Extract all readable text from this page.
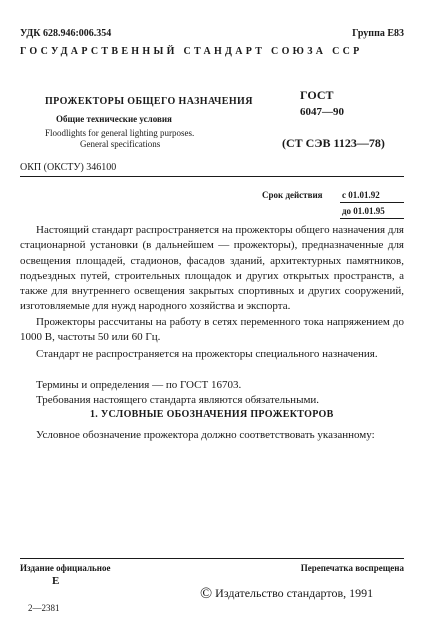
УДК 628.946:006.354	Группа Е83
ГОСУДАРСТВЕННЫЙ СТАНДАРТ СОЮЗА ССР
ПРОЖЕКТОРЫ ОБЩЕГО НАЗНАЧЕНИЯ
Общие технические условия
Floodlights for general lighting purposes.
General specifications
ГОСТ
6047—90
(СТ СЭВ 1123—78)
ОКП (ОКСТУ) 346100
Срок действия с 01.01.92
до 01.01.95
Настоящий стандарт распространяется на прожекторы общего назначения для стационарной установки (в дальнейшем — прожекторы), предназначенные для освещения площадей, стадионов, фасадов зданий, архитектурных памятников, подъездных путей, строительных площадок и других открытых пространств, а также для внутреннего освещения закрытых спортивных и других сооружений, изготовляемые для нужд народного хозяйства и экспорта.
Прожекторы рассчитаны на работу в сетях переменного тока напряжением до 1000 В, частоты 50 или 60 Гц.
Стандарт не распространяется на прожекторы специального назначения.
Термины и определения — по ГОСТ 16703.
Требования настоящего стандарта являются обязательными.
1. УСЛОВНЫЕ ОБОЗНАЧЕНИЯ ПРОЖЕКТОРОВ
Условное обозначение прожектора должно соответствовать указанному:
Издание официальное	Перепечатка воспрещена
Е
© Издательство стандартов, 1991
2—2381
